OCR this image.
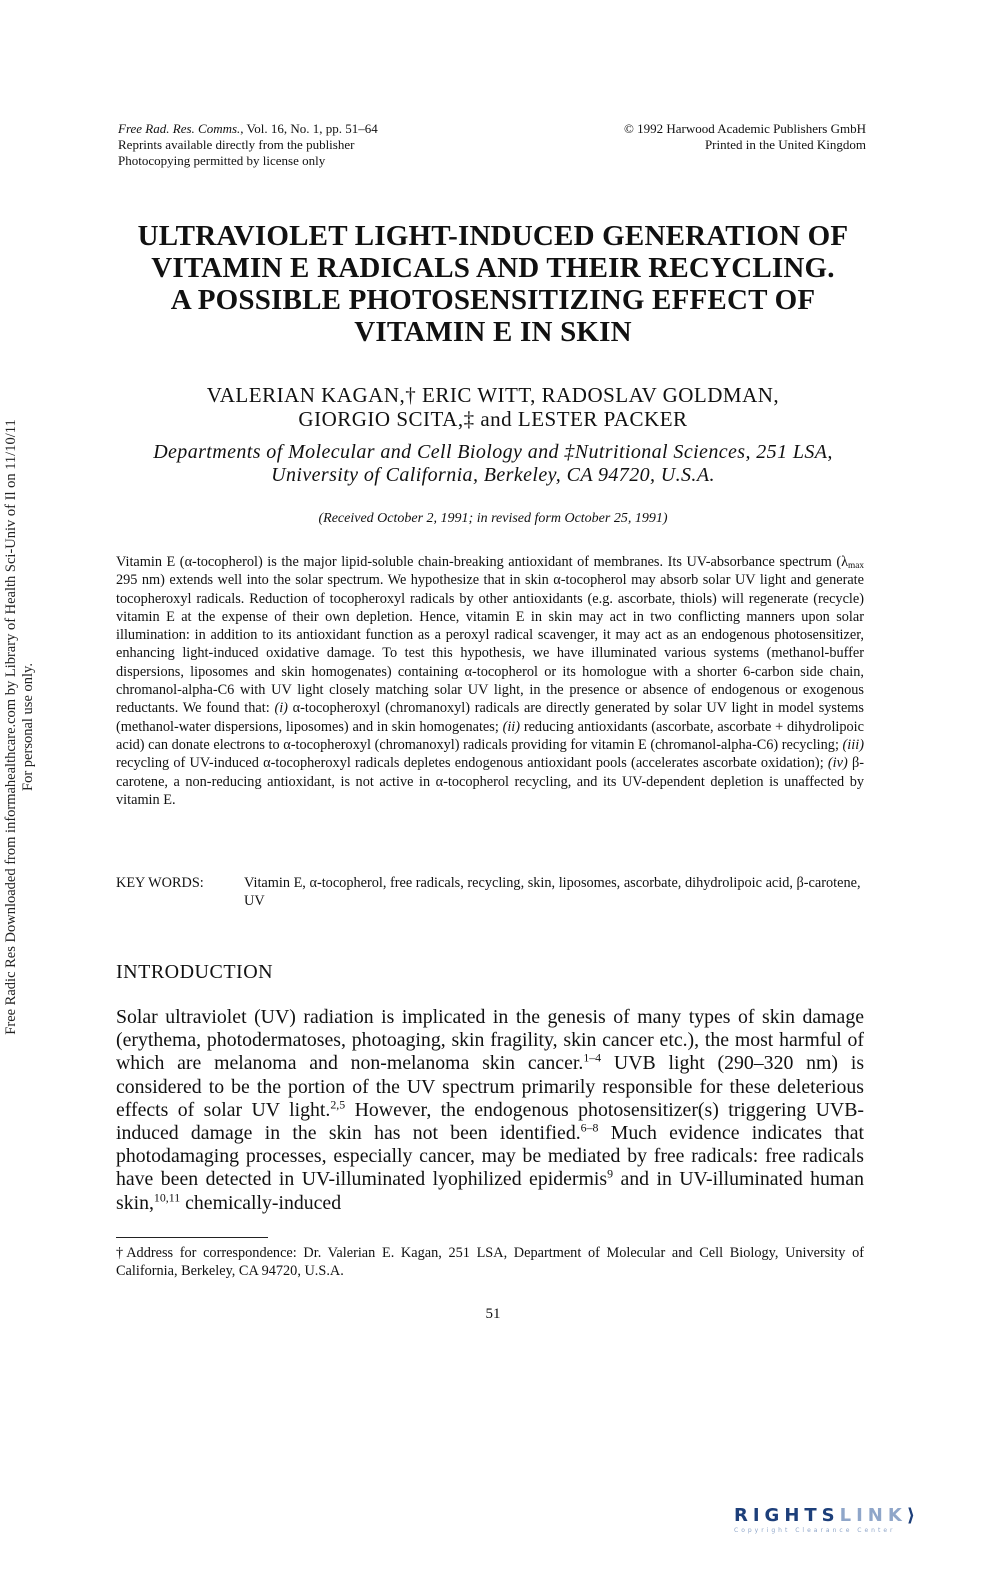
Free Rad. Res. Comms., Vol. 16, No. 1, pp. 51–64
Reprints available directly from the publisher
Photocopying permitted by license only
© 1992 Harwood Academic Publishers GmbH
Printed in the United Kingdom
ULTRAVIOLET LIGHT-INDUCED GENERATION OF
VITAMIN E RADICALS AND THEIR RECYCLING.
A POSSIBLE PHOTOSENSITIZING EFFECT OF
VITAMIN E IN SKIN
VALERIAN KAGAN,† ERIC WITT, RADOSLAV GOLDMAN,
GIORGIO SCITA,‡ and LESTER PACKER
Departments of Molecular and Cell Biology and ‡Nutritional Sciences, 251 LSA,
University of California, Berkeley, CA 94720, U.S.A.
(Received October 2, 1991; in revised form October 25, 1991)

Vitamin E (α-tocopherol) is the major lipid-soluble chain-breaking antioxidant of membranes. Its UV-absorbance spectrum ($\lambda_{max}$ 295 nm) extends well into the solar spectrum. We hypothesize that in skin α-tocopherol may absorb solar UV light and generate tocopheroxyl radicals. Reduction of tocopheroxyl radicals by other antioxidants (e.g. ascorbate, thiols) will regenerate (recycle) vitamin E at the expense of their own depletion. Hence, vitamin E in skin may act in two conflicting manners upon solar illumination: in addition to its antioxidant function as a peroxyl radical scavenger, it may act as an endogenous photosensitizer, enhancing light-induced oxidative damage. To test this hypothesis, we have illuminated various systems (methanol-buffer dispersions, liposomes and skin homogenates) containing α-tocopherol or its homologue with a shorter 6-carbon side chain, chromanol-alpha-C6 with UV light closely matching solar UV light, in the presence or absence of endogenous or exogenous reductants. We found that: (i) α-tocopheroxyl (chromanoxyl) radicals are directly generated by solar UV light in model systems (methanol-water dispersions, liposomes) and in skin homogenates; (ii) reducing antioxidants (ascorbate, ascorbate + dihydrolipoic acid) can donate electrons to α-tocopheroxyl (chromanoxyl) radicals providing for vitamin E (chromanol-alpha-C6) recycling; (iii) recycling of UV-induced α-tocopheroxyl radicals depletes endogenous antioxidant pools (accelerates ascorbate oxidation); (iv) β-carotene, a non-reducing antioxidant, is not active in α-tocopherol recycling, and its UV-dependent depletion is unaffected by vitamin E.

KEY WORDS:	Vitamin E, α-tocopherol, free radicals, recycling, skin, liposomes, ascorbate, dihydrolipoic acid, β-carotene, UV
INTRODUCTION

Solar ultraviolet (UV) radiation is implicated in the genesis of many types of skin damage (erythema, photodermatoses, photoaging, skin fragility, skin cancer etc.), the most harmful of which are melanoma and non-melanoma skin cancer.$^{1-4}$ UVB light (290–320 nm) is considered to be the portion of the UV spectrum primarily responsible for these deleterious effects of solar UV light.$^{2,5}$ However, the endogenous photosensitizer(s) triggering UVB-induced damage in the skin has not been identified.$^{6-8}$ Much evidence indicates that photodamaging processes, especially cancer, may be mediated by free radicals: free radicals have been detected in UV-illuminated lyophilized epidermis$^9$ and in UV-illuminated human skin,$^{10,11}$ chemically-induced

†Address for correspondence: Dr. Valerian E. Kagan, 251 LSA, Department of Molecular and Cell Biology, University of California, Berkeley, CA 94720, U.S.A.
51
Free Radic Res Downloaded from informahealthcare.com by Library of Health Sci-Univ of Il on 11/10/11 For personal use only.
RIGHTSLINK⟩
Copyright Clearance Center
